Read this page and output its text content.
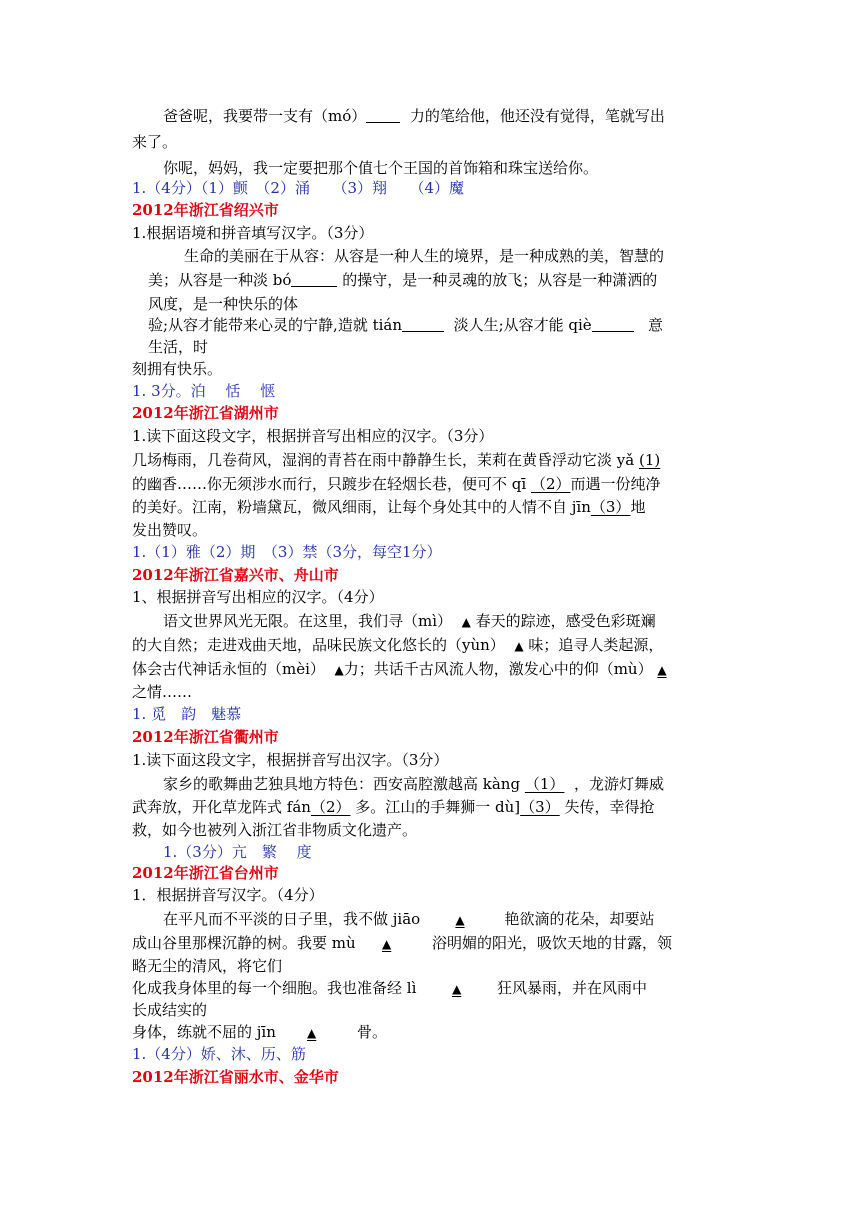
爸爸呢，我要带一支有（mó）	力的笔给他，他还没有觉得，笔就写出
来了。
你呢，妈妈，我一定要把那个值七个王国的首饰箱和珠宝送给你。
1.（4分）（1）颤　（2）涌　　（3）翔　　（4）魔
2012年浙江省绍兴市
1.根据语境和拼音填写汉字。（3分）
生命的美丽在于从容：从容是一种人生的境界，是一种成熟的美，智慧的
美；从容是一种淡 bó	的操守，是一种灵魂的放飞；从容是一种潇洒的
风度，是一种快乐的体
验;从容才能带来心灵的宁静,造就 tián	淡人生;从容才能 qiè	意
生活，时
刻拥有快乐。
1. 3分。泊　 恬　 惬
2012年浙江省湖州市
1.读下面这段文字，根据拼音写出相应的汉字。（3分）
几场梅雨，几卷荷风，湿润的青苔在雨中静静生长，茉莉在黄昏浮动它淡 yǎ (1)
的幽香……你无须涉水而行，只踱步在轻烟长巷，便可不 qī （2）而遇一份纯净
的美好。江南，粉墙黛瓦，微风细雨，让每个身处其中的人情不自 jīn（3）地
发出赞叹。
1.（1）雅（2）期　（3）禁（3分，每空1分）
2012年浙江省嘉兴市、舟山市
1、根据拼音写出相应的汉字。（4分）
语文世界风光无限。在这里，我们寻（mì） ▲ 春天的踪迹，感受色彩斑斓
的大自然；走进戏曲天地，品味民族文化悠长的（yùn） ▲ 味；追寻人类起源，
体会古代神话永恒的（mèi） ▲力；共话千古风流人物，激发心中的仰（mù） ▲
之情……
1. 觅　韵　魅慕
2012年浙江省衢州市
1.读下面这段文字，根据拼音写出汉字。（3分）
家乡的歌舞曲艺独具地方特色：西安高腔激越高 kàng （1） ，龙游灯舞威
武奔放，开化草龙阵式 fán（2） 多。江山的手舞狮一 dù]（3） 失传，幸得抢
救，如今也被列入浙江省非物质文化遗产。
1.（3分）亢　繁　 度
2012年浙江省台州市
1．根据拼音写汉字。（4分）
在平凡而不平淡的日子里，我不做 jiāo	▲	艳欲滴的花朵，却要站
成山谷里那棵沉静的树。我要 mù ▲	浴明媚的阳光，吸饮天地的甘露，领
略无尘的清风，将它们
化成我身体里的每一个细胞。我也准备经 lì	▲ 狂风暴雨，并在风雨中
长成结实的
身体，练就不屈的 jīn	▲	骨。
1.（4分）娇、沐、历、筋
2012年浙江省丽水市、金华市
